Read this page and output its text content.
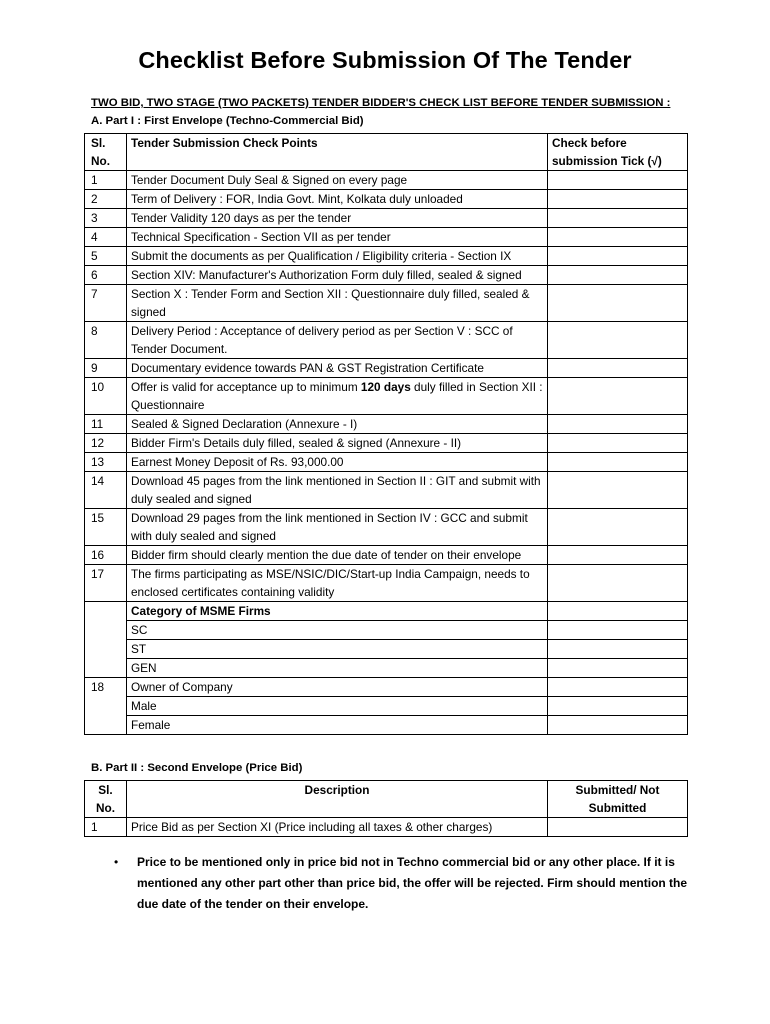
Checklist Before Submission Of The Tender

TWO BID, TWO STAGE (TWO PACKETS) TENDER BIDDER'S CHECK LIST BEFORE TENDER SUBMISSION :

A. Part I : First Envelope (Techno-Commercial Bid)

Sl.
No.	Tender Submission Check Points	Check before
submission Tick (√)
1	Tender Document Duly Seal & Signed on every page	
2	Term of Delivery : FOR, India Govt. Mint, Kolkata duly unloaded	
3	Tender Validity 120 days as per the tender	
4	Technical Specification - Section VII as per tender	
5	Submit the documents as per Qualification / Eligibility criteria - Section IX	
6	Section XIV: Manufacturer's Authorization Form duly filled, sealed & signed	
7	Section X : Tender Form and Section XII : Questionnaire duly filled, sealed & signed	
8	Delivery Period : Acceptance of delivery period as per Section V : SCC of Tender Document.	
9	Documentary evidence towards PAN & GST Registration Certificate	
10	Offer is valid for acceptance up to minimum 120 days duly filled in Section XII : Questionnaire	
11	Sealed & Signed Declaration (Annexure - I)	
12	Bidder Firm's Details duly filled, sealed & signed (Annexure - II)	
13	Earnest Money Deposit of Rs. 93,000.00	
14	Download 45 pages from the link mentioned in Section II : GIT and submit with duly sealed and signed	
15	Download 29 pages from the link mentioned in Section IV : GCC and submit with duly sealed and signed	
16	Bidder firm should clearly mention the due date of tender on their envelope	
17	The firms participating as MSE/NSIC/DIC/Start-up India Campaign, needs to enclosed certificates containing validity	
	Category of MSME Firms	
	SC	
	ST	
	GEN	
18	Owner of Company	
	Male	
	Female	

B. Part II : Second Envelope (Price Bid)

Sl.
No.	Description	Submitted/ Not
Submitted
1	Price Bid as per Section XI (Price including all taxes & other charges)	
• Price to be mentioned only in price bid not in Techno commercial bid or any other place. If it is mentioned any other part other than price bid, the offer will be rejected. Firm should mention the due date of the tender on their envelope.
